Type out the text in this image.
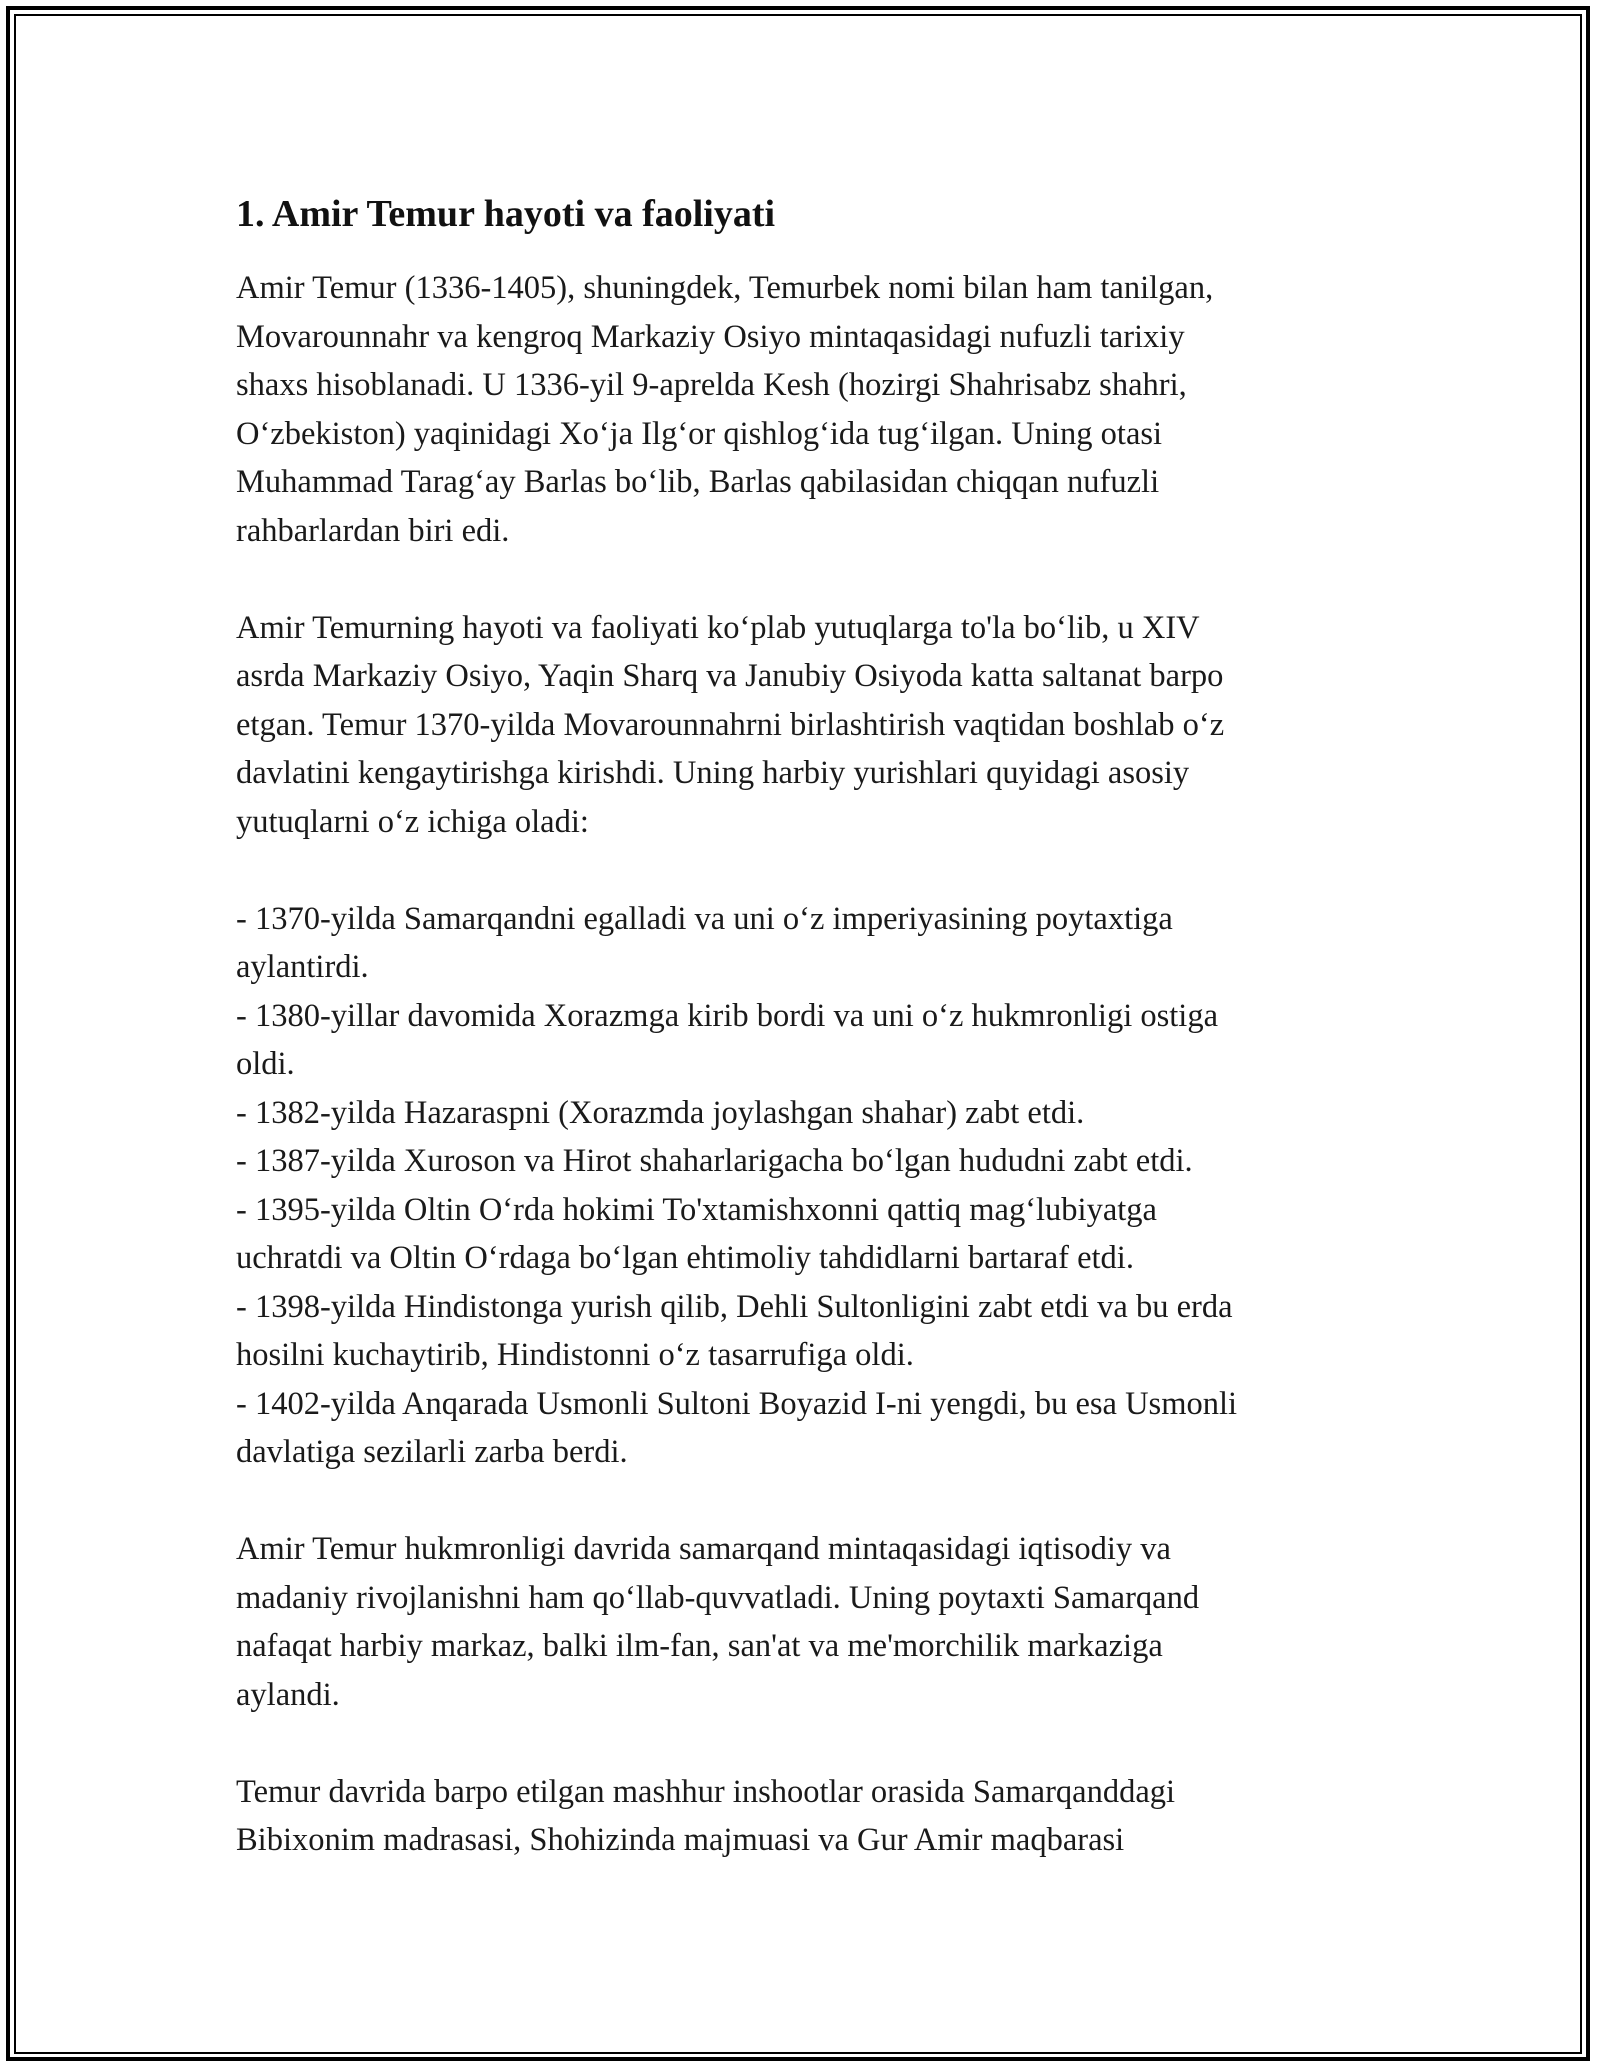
1. Amir Temur hayoti va faoliyati

Amir Temur (1336-1405), shuningdek, Temurbek nomi bilan ham tanilgan,
Movarounnahr va kengroq Markaziy Osiyo mintaqasidagi nufuzli tarixiy
shaxs hisoblanadi. U 1336-yil 9-aprelda Kesh (hozirgi Shahrisabz shahri,
O‘zbekiston) yaqinidagi Xo‘ja Ilg‘or qishlog‘ida tug‘ilgan. Uning otasi
Muhammad Tarag‘ay Barlas bo‘lib, Barlas qabilasidan chiqqan nufuzli
rahbarlardan biri edi.

Amir Temurning hayoti va faoliyati ko‘plab yutuqlarga to'la bo‘lib, u XIV
asrda Markaziy Osiyo, Yaqin Sharq va Janubiy Osiyoda katta saltanat barpo
etgan. Temur 1370-yilda Movarounnahrni birlashtirish vaqtidan boshlab o‘z
davlatini kengaytirishga kirishdi. Uning harbiy yurishlari quyidagi asosiy
yutuqlarni o‘z ichiga oladi:

- 1370-yilda Samarqandni egalladi va uni o‘z imperiyasining poytaxtiga
aylantirdi.

- 1380-yillar davomida Xorazmga kirib bordi va uni o‘z hukmronligi ostiga
oldi.

- 1382-yilda Hazaraspni (Xorazmda joylashgan shahar) zabt etdi.

- 1387-yilda Xuroson va Hirot shaharlarigacha bo‘lgan hududni zabt etdi.

- 1395-yilda Oltin O‘rda hokimi To'xtamishxonni qattiq mag‘lubiyatga
uchratdi va Oltin O‘rdaga bo‘lgan ehtimoliy tahdidlarni bartaraf etdi.

- 1398-yilda Hindistonga yurish qilib, Dehli Sultonligini zabt etdi va bu erda
hosilni kuchaytirib, Hindistonni o‘z tasarrufiga oldi.

- 1402-yilda Anqarada Usmonli Sultoni Boyazid I-ni yengdi, bu esa Usmonli
davlatiga sezilarli zarba berdi.

Amir Temur hukmronligi davrida samarqand mintaqasidagi iqtisodiy va
madaniy rivojlanishni ham qo‘llab-quvvatladi. Uning poytaxti Samarqand
nafaqat harbiy markaz, balki ilm-fan, san'at va me'morchilik markaziga
aylandi.

Temur davrida barpo etilgan mashhur inshootlar orasida Samarqanddagi
Bibixonim madrasasi, Shohizinda majmuasi va Gur Amir maqbarasi
